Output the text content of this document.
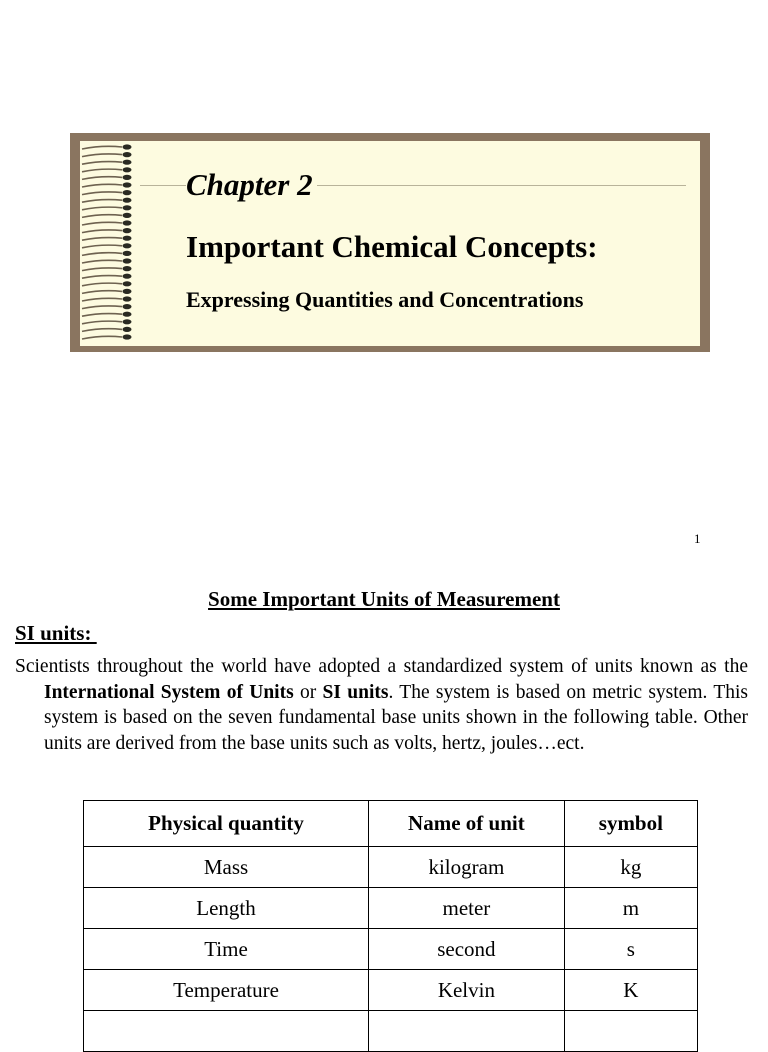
Chapter 2
Important Chemical Concepts:
Expressing Quantities and Concentrations
1
Some Important Units of Measurement
SI units:
Scientists throughout the world have adopted a standardized system of units known as the International System of Units or SI units. The system is based on metric system. This system is based on the seven fundamental base units shown in the following table. Other units are derived from the base units such as volts, hertz, joules…ect.
Physical quantity	Name of unit	symbol
Mass	kilogram	kg
Length	meter	m
Time	second	s
Temperature	Kelvin	K
